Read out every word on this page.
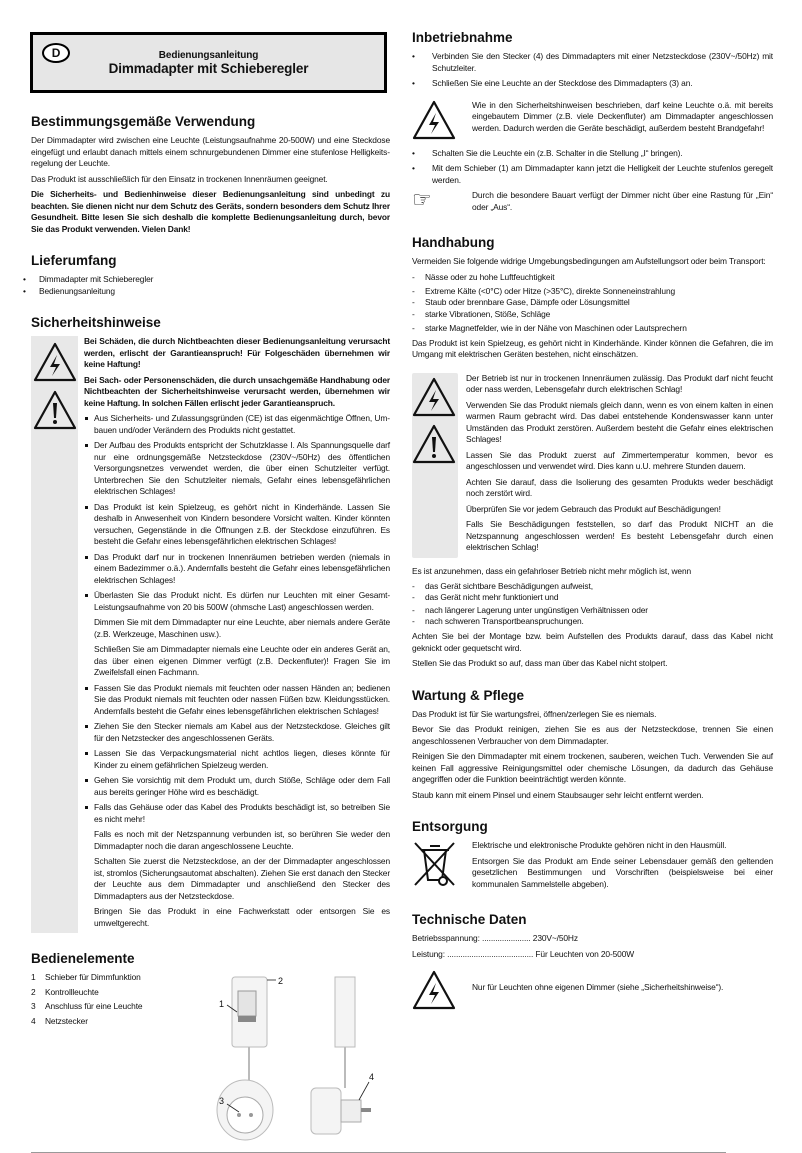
D	Bedienungsanleitung
Dimmadapter mit Schieberegler
Bestimmungsgemäße Verwendung

Der Dimmadapter wird zwischen eine Leuchte (Leistungsaufnahme 20-500W) und eine Steckdose eingefügt und erlaubt danach mittels einem schnurgebundenen Dimmer eine stufenlose Helligkeitsregelung der Leuchte.

Das Produkt ist ausschließlich für den Einsatz in trockenen Innenräumen geeignet.

Die Sicherheits- und Bedienhinweise dieser Bedienungsanleitung sind unbedingt zu beachten. Sie dienen nicht nur dem Schutz des Geräts, sondern besonders dem Schutz Ihrer Gesundheit. Bitte lesen Sie sich deshalb die komplette Bedienungsanleitung durch, bevor Sie das Produkt verwenden. Vielen Dank!

Lieferumfang
• Dimmadapter mit Schieberegler
• Bedienungsanleitung
Sicherheitshinweise

Bei Schäden, die durch Nichtbeachten dieser Bedienungsanleitung verursacht werden, erlischt der Garantieanspruch! Für Folgeschäden übernehmen wir keine Haftung!

Bei Sach- oder Personenschäden, die durch unsachgemäße Handhabung oder Nichtbeachten der Sicherheitshinweise verursacht werden, übernehmen wir keine Haftung. In solchen Fällen erlischt jeder Garantieanspruch.

Aus Sicherheits- und Zulassungsgründen (CE) ist das eigenmächtige Öffnen, Umbauen und/oder Verändern des Produkts nicht gestattet.
Der Aufbau des Produkts entspricht der Schutzklasse I. Als Spannungsquelle darf nur eine ordnungsgemäße Netzsteckdose (230V~/50Hz) des öffentlichen Versorgungsnetzes verwendet werden, die über einen Schutzleiter verfügt. Unterbrechen Sie den Schutzleiter niemals, Gefahr eines lebensgefährlichen elektrischen Schlages!
Das Produkt ist kein Spielzeug, es gehört nicht in Kinderhände. Lassen Sie deshalb in Anwesenheit von Kindern besondere Vorsicht walten. Kinder könnten versuchen, Gegenstände in die Öffnungen z.B. der Steckdose einzuführen. Es besteht die Gefahr eines lebensgefährlichen elektrischen Schlages!
Das Produkt darf nur in trockenen Innenräumen betrieben werden (niemals in einem Badezimmer o.ä.). Andernfalls besteht die Gefahr eines lebensgefährlichen elektrischen Schlages!
Überlasten Sie das Produkt nicht. Es dürfen nur Leuchten mit einer Gesamt-Leistungsaufnahme von 20 bis 500W (ohmsche Last) angeschlossen werden.

Dimmen Sie mit dem Dimmadapter nur eine Leuchte, aber niemals andere Geräte (z.B. Werkzeuge, Maschinen usw.).

Schließen Sie am Dimmadapter niemals eine Leuchte oder ein anderes Gerät an, das über einen eigenen Dimmer verfügt (z.B. Deckenfluter)! Fragen Sie im Zweifelsfall einen Fachmann.

Fassen Sie das Produkt niemals mit feuchten oder nassen Händen an; bedienen Sie das Produkt niemals mit feuchten oder nassen Füßen bzw. Kleidungsstücken. Andernfalls besteht die Gefahr eines lebensgefährlichen elektrischen Schlages!
Ziehen Sie den Stecker niemals am Kabel aus der Netzsteckdose. Gleiches gilt für den Netzstecker des angeschlossenen Geräts.
Lassen Sie das Verpackungsmaterial nicht achtlos liegen, dieses könnte für Kinder zu einem gefährlichen Spielzeug werden.
Gehen Sie vorsichtig mit dem Produkt um, durch Stöße, Schläge oder dem Fall aus bereits geringer Höhe wird es beschädigt.
Falls das Gehäuse oder das Kabel des Produkts beschädigt ist, so betreiben Sie es nicht mehr!

Falls es noch mit der Netzspannung verbunden ist, so berühren Sie weder den Dimmadapter noch die daran angeschlossene Leuchte.

Schalten Sie zuerst die Netzsteckdose, an der der Dimmadapter angeschlossen ist, stromlos (Sicherungsautomat abschalten). Ziehen Sie erst danach den Stecker der Leuchte aus dem Dimmadapter und anschließend den Stecker des Dimmadapters aus der Netzsteckdose.

Bringen Sie das Produkt in eine Fachwerkstatt oder entsorgen Sie es umweltgerecht.

Bedienelemente
1 Schieber für Dimmfunktion
2 Kontrollleuchte
3 Anschluss für eine Leuchte
4 Netzstecker
1
2
3
4
Inbetriebnahme
• Verbinden Sie den Stecker (4) des Dimmadapters mit einer Netzsteckdose (230V~/50Hz) mit Schutzleiter.
• Schließen Sie eine Leuchte an der Steckdose des Dimmadapters (3) an.

Wie in den Sicherheitshinweisen beschrieben, darf keine Leuchte o.ä. mit bereits eingebautem Dimmer (z.B. viele Deckenfluter) am Dimmadapter angeschlossen werden. Dadurch werden die Geräte beschädigt, außerdem besteht Brandgefahr!

• Schalten Sie die Leuchte ein (z.B. Schalter in die Stellung „I“ bringen).
• Mit dem Schieber (1) am Dimmadapter kann jetzt die Helligkeit der Leuchte stufenlos geregelt werden.
☞	Durch die besondere Bauart verfügt der Dimmer nicht über eine Rastung für „Ein“ oder „Aus“.

Handhabung

Vermeiden Sie folgende widrige Umgebungsbedingungen am Aufstellungsort oder beim Transport:

- Nässe oder zu hohe Luftfeuchtigkeit
- Extreme Kälte (<0°C) oder Hitze (>35°C), direkte Sonneneinstrahlung
- Staub oder brennbare Gase, Dämpfe oder Lösungsmittel
- starke Vibrationen, Stöße, Schläge
- starke Magnetfelder, wie in der Nähe von Maschinen oder Lautsprechern

Das Produkt ist kein Spielzeug, es gehört nicht in Kinderhände. Kinder können die Gefahren, die im Umgang mit elektrischen Geräten bestehen, nicht einschätzen.

Der Betrieb ist nur in trockenen Innenräumen zulässig. Das Produkt darf nicht feucht oder nass werden, Lebensgefahr durch elektrischen Schlag!

Verwenden Sie das Produkt niemals gleich dann, wenn es von einem kalten in einen warmen Raum gebracht wird. Das dabei entstehende Kondenswasser kann unter Umständen das Produkt zerstören. Außerdem besteht die Gefahr eines elektrischen Schlages!

Lassen Sie das Produkt zuerst auf Zimmertemperatur kommen, bevor es angeschlossen und verwendet wird. Dies kann u.U. mehrere Stunden dauern.

Achten Sie darauf, dass die Isolierung des gesamten Produkts weder beschädigt noch zerstört wird.

Überprüfen Sie vor jedem Gebrauch das Produkt auf Beschädigungen!

Falls Sie Beschädigungen feststellen, so darf das Produkt NICHT an die Netzspannung angeschlossen werden! Es besteht Lebensgefahr durch einen elektrischen Schlag!

Es ist anzunehmen, dass ein gefahrloser Betrieb nicht mehr möglich ist, wenn

- das Gerät sichtbare Beschädigungen aufweist,
- das Gerät nicht mehr funktioniert und
- nach längerer Lagerung unter ungünstigen Verhältnissen oder
- nach schweren Transportbeanspruchungen.

Achten Sie bei der Montage bzw. beim Aufstellen des Produkts darauf, dass das Kabel nicht geknickt oder gequetscht wird.

Stellen Sie das Produkt so auf, dass man über das Kabel nicht stolpert.

Wartung & Pflege

Das Produkt ist für Sie wartungsfrei, öffnen/zerlegen Sie es niemals.

Bevor Sie das Produkt reinigen, ziehen Sie es aus der Netzsteckdose, trennen Sie einen angeschlossenen Verbraucher von dem Dimmadapter.

Reinigen Sie den Dimmadapter mit einem trockenen, sauberen, weichen Tuch. Verwenden Sie auf keinen Fall aggressive Reinigungsmittel oder chemische Lösungen, da dadurch das Gehäuse angegriffen oder die Funktion beeinträchtigt werden könnte.

Staub kann mit einem Pinsel und einem Staubsauger sehr leicht entfernt werden.

Entsorgung

Elektrische und elektronische Produkte gehören nicht in den Hausmüll.

Entsorgen Sie das Produkt am Ende seiner Lebensdauer gemäß den geltenden gesetzlichen Bestimmungen und Vorschriften (beispielsweise bei einer kommunalen Sammelstelle abgeben).

Technische Daten
Betriebsspannung: ......................
230V~/50Hz
Leistung: .......................................
Für Leuchten von 20-500W

Nur für Leuchten ohne eigenen Dimmer (siehe „Sicherheitshinweise“).
